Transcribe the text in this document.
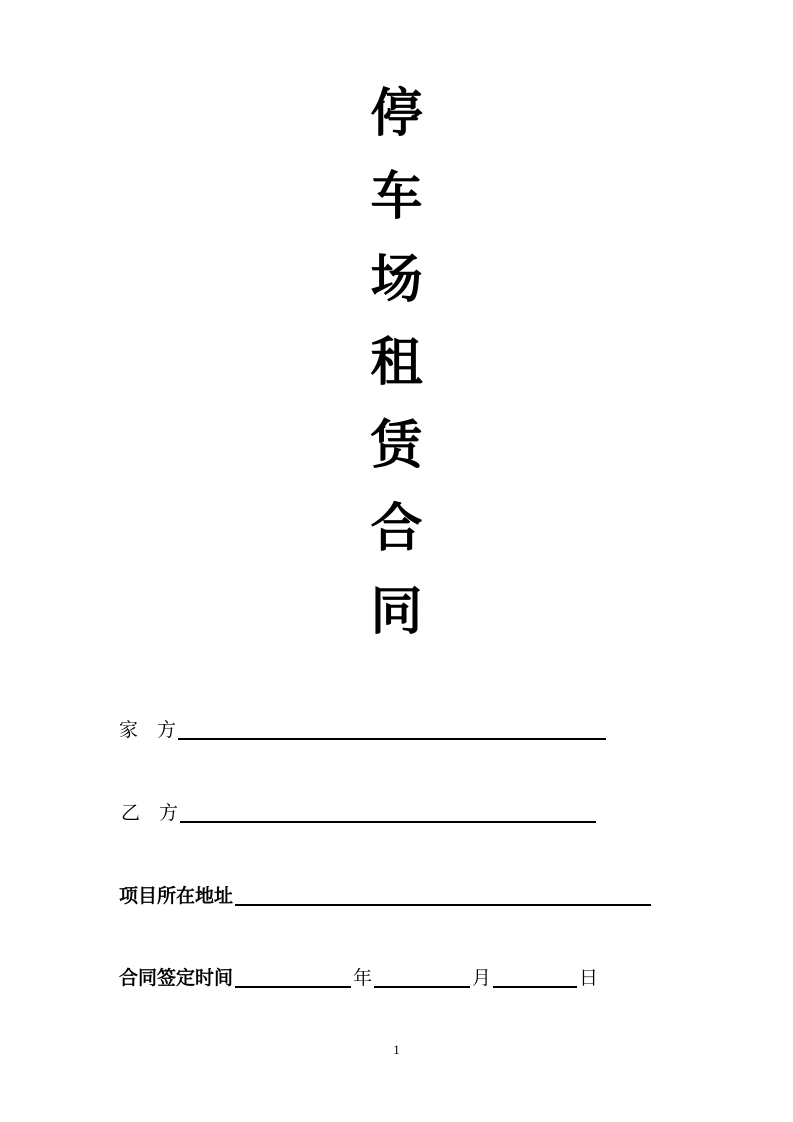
停
车
场
租
赁
合
同
家　方
乙　方
项目所在地址
合同签定时间	年	月	日
1
